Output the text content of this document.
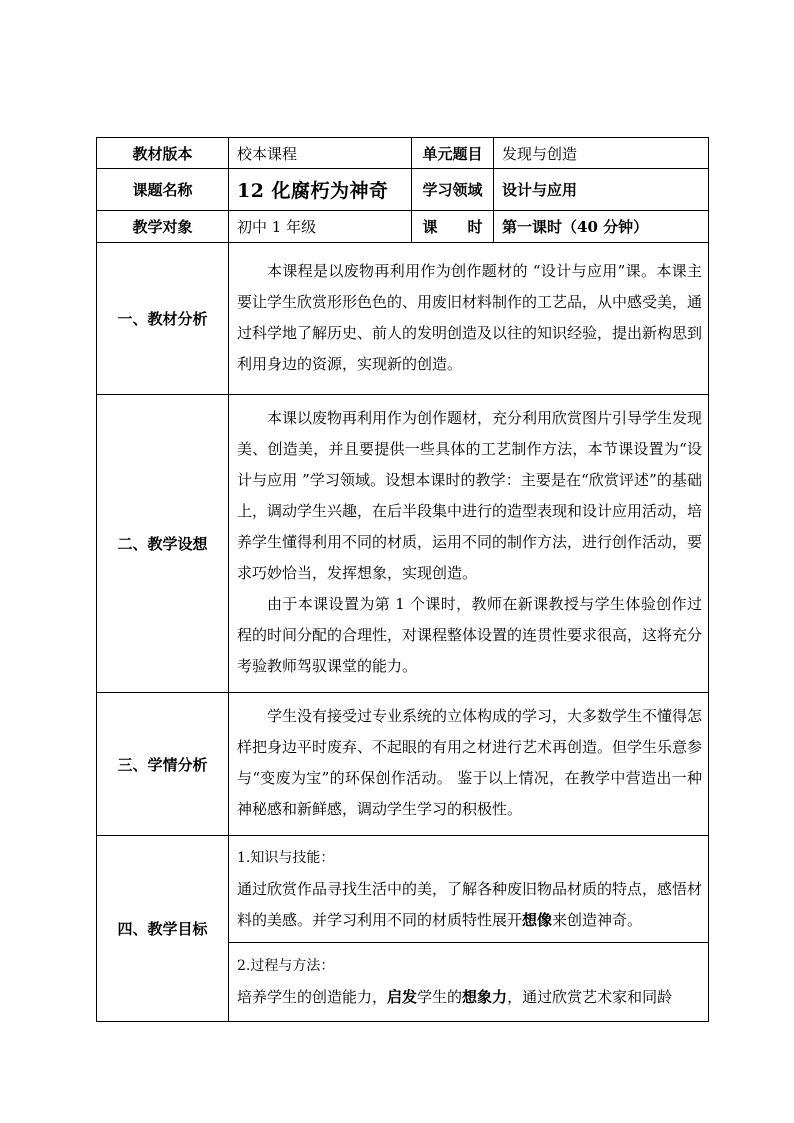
教材版本	校本课程	单元题目	发现与创造
课题名称	12 化腐朽为神奇	学习领域	设计与应用
教学对象	初中 1 年级	课　　时	第一课时（40 分钟）
一、教材分析	本课程是以废物再利用作为创作题材的 “设计与应用”课。本课主要让学生欣赏形形色色的、用废旧材料制作的工艺品，从中感受美，通过科学地了解历史、前人的发明创造及以往的知识经验，提出新构思到利用身边的资源，实现新的创造。		

二、教学设想	本课以废物再利用作为创作题材，充分利用欣赏图片引导学生发现美、创造美，并且要提供一些具体的工艺制作方法，本节课设置为“设计与应用 ”学习领域。设想本课时的教学：主要是在“欣赏评述”的基础上，调动学生兴趣，在后半段集中进行的造型表现和设计应用活动，培养学生懂得利用不同的材质，运用不同的制作方法，进行创作活动，要求巧妙恰当，发挥想象，实现创造。

由于本课设置为第 1 个课时，教师在新课教授与学生体验创作过程的时间分配的合理性，对课程整体设置的连贯性要求很高，这将充分考验教师驾驭课堂的能力。		

三、学情分析	学生没有接受过专业系统的立体构成的学习，大多数学生不懂得怎样把身边平时废弃、不起眼的有用之材进行艺术再创造。但学生乐意参与“变废为宝”的环保创作活动。 鉴于以上情况，在教学中营造出一种神秘感和新鲜感，调动学生学习的积极性。		

四、教学目标	1.知识与技能：

通过欣赏作品寻找生活中的美，了解各种废旧物品材质的特点，感悟材料的美感。并学习利用不同的材质特性展开想像来创造神奇。		

	2.过程与方法：

培养学生的创造能力，启发学生的想象力，通过欣赏艺术家和同龄		
